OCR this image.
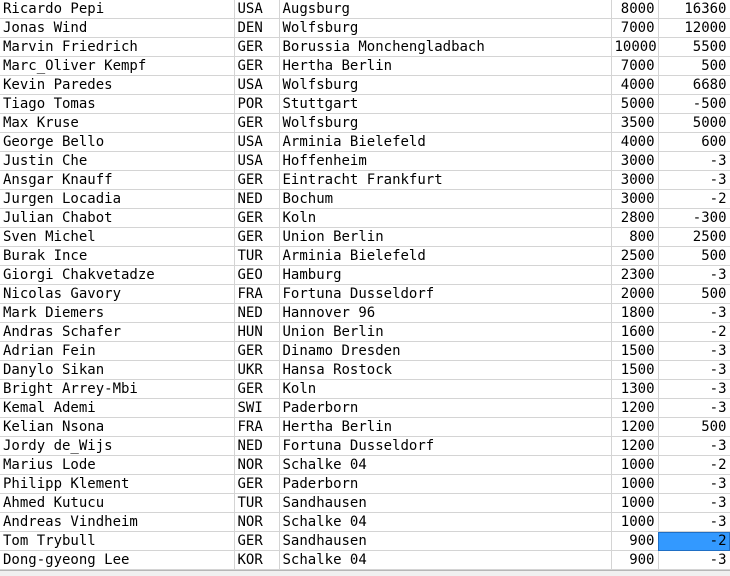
Ricardo Pepi	USA	Augsburg	8000	16360
Jonas Wind	DEN	Wolfsburg	7000	12000
Marvin Friedrich	GER	Borussia Monchengladbach	10000	5500
Marc_Oliver Kempf	GER	Hertha Berlin	7000	500
Kevin Paredes	USA	Wolfsburg	4000	6680
Tiago Tomas	POR	Stuttgart	5000	-500
Max Kruse	GER	Wolfsburg	3500	5000
George Bello	USA	Arminia Bielefeld	4000	600
Justin Che	USA	Hoffenheim	3000	-3
Ansgar Knauff	GER	Eintracht Frankfurt	3000	-3
Jurgen Locadia	NED	Bochum	3000	-2
Julian Chabot	GER	Koln	2800	-300
Sven Michel	GER	Union Berlin	800	2500
Burak Ince	TUR	Arminia Bielefeld	2500	500
Giorgi Chakvetadze	GEO	Hamburg	2300	-3
Nicolas Gavory	FRA	Fortuna Dusseldorf	2000	500
Mark Diemers	NED	Hannover 96	1800	-3
Andras Schafer	HUN	Union Berlin	1600	-2
Adrian Fein	GER	Dinamo Dresden	1500	-3
Danylo Sikan	UKR	Hansa Rostock	1500	-3
Bright Arrey-Mbi	GER	Koln	1300	-3
Kemal Ademi	SWI	Paderborn	1200	-3
Kelian Nsona	FRA	Hertha Berlin	1200	500
Jordy de_Wijs	NED	Fortuna Dusseldorf	1200	-3
Marius Lode	NOR	Schalke 04	1000	-2
Philipp Klement	GER	Paderborn	1000	-3
Ahmed Kutucu	TUR	Sandhausen	1000	-3
Andreas Vindheim	NOR	Schalke 04	1000	-3
Tom Trybull	GER	Sandhausen	900	-2
Dong-gyeong Lee	KOR	Schalke 04	900	-3
